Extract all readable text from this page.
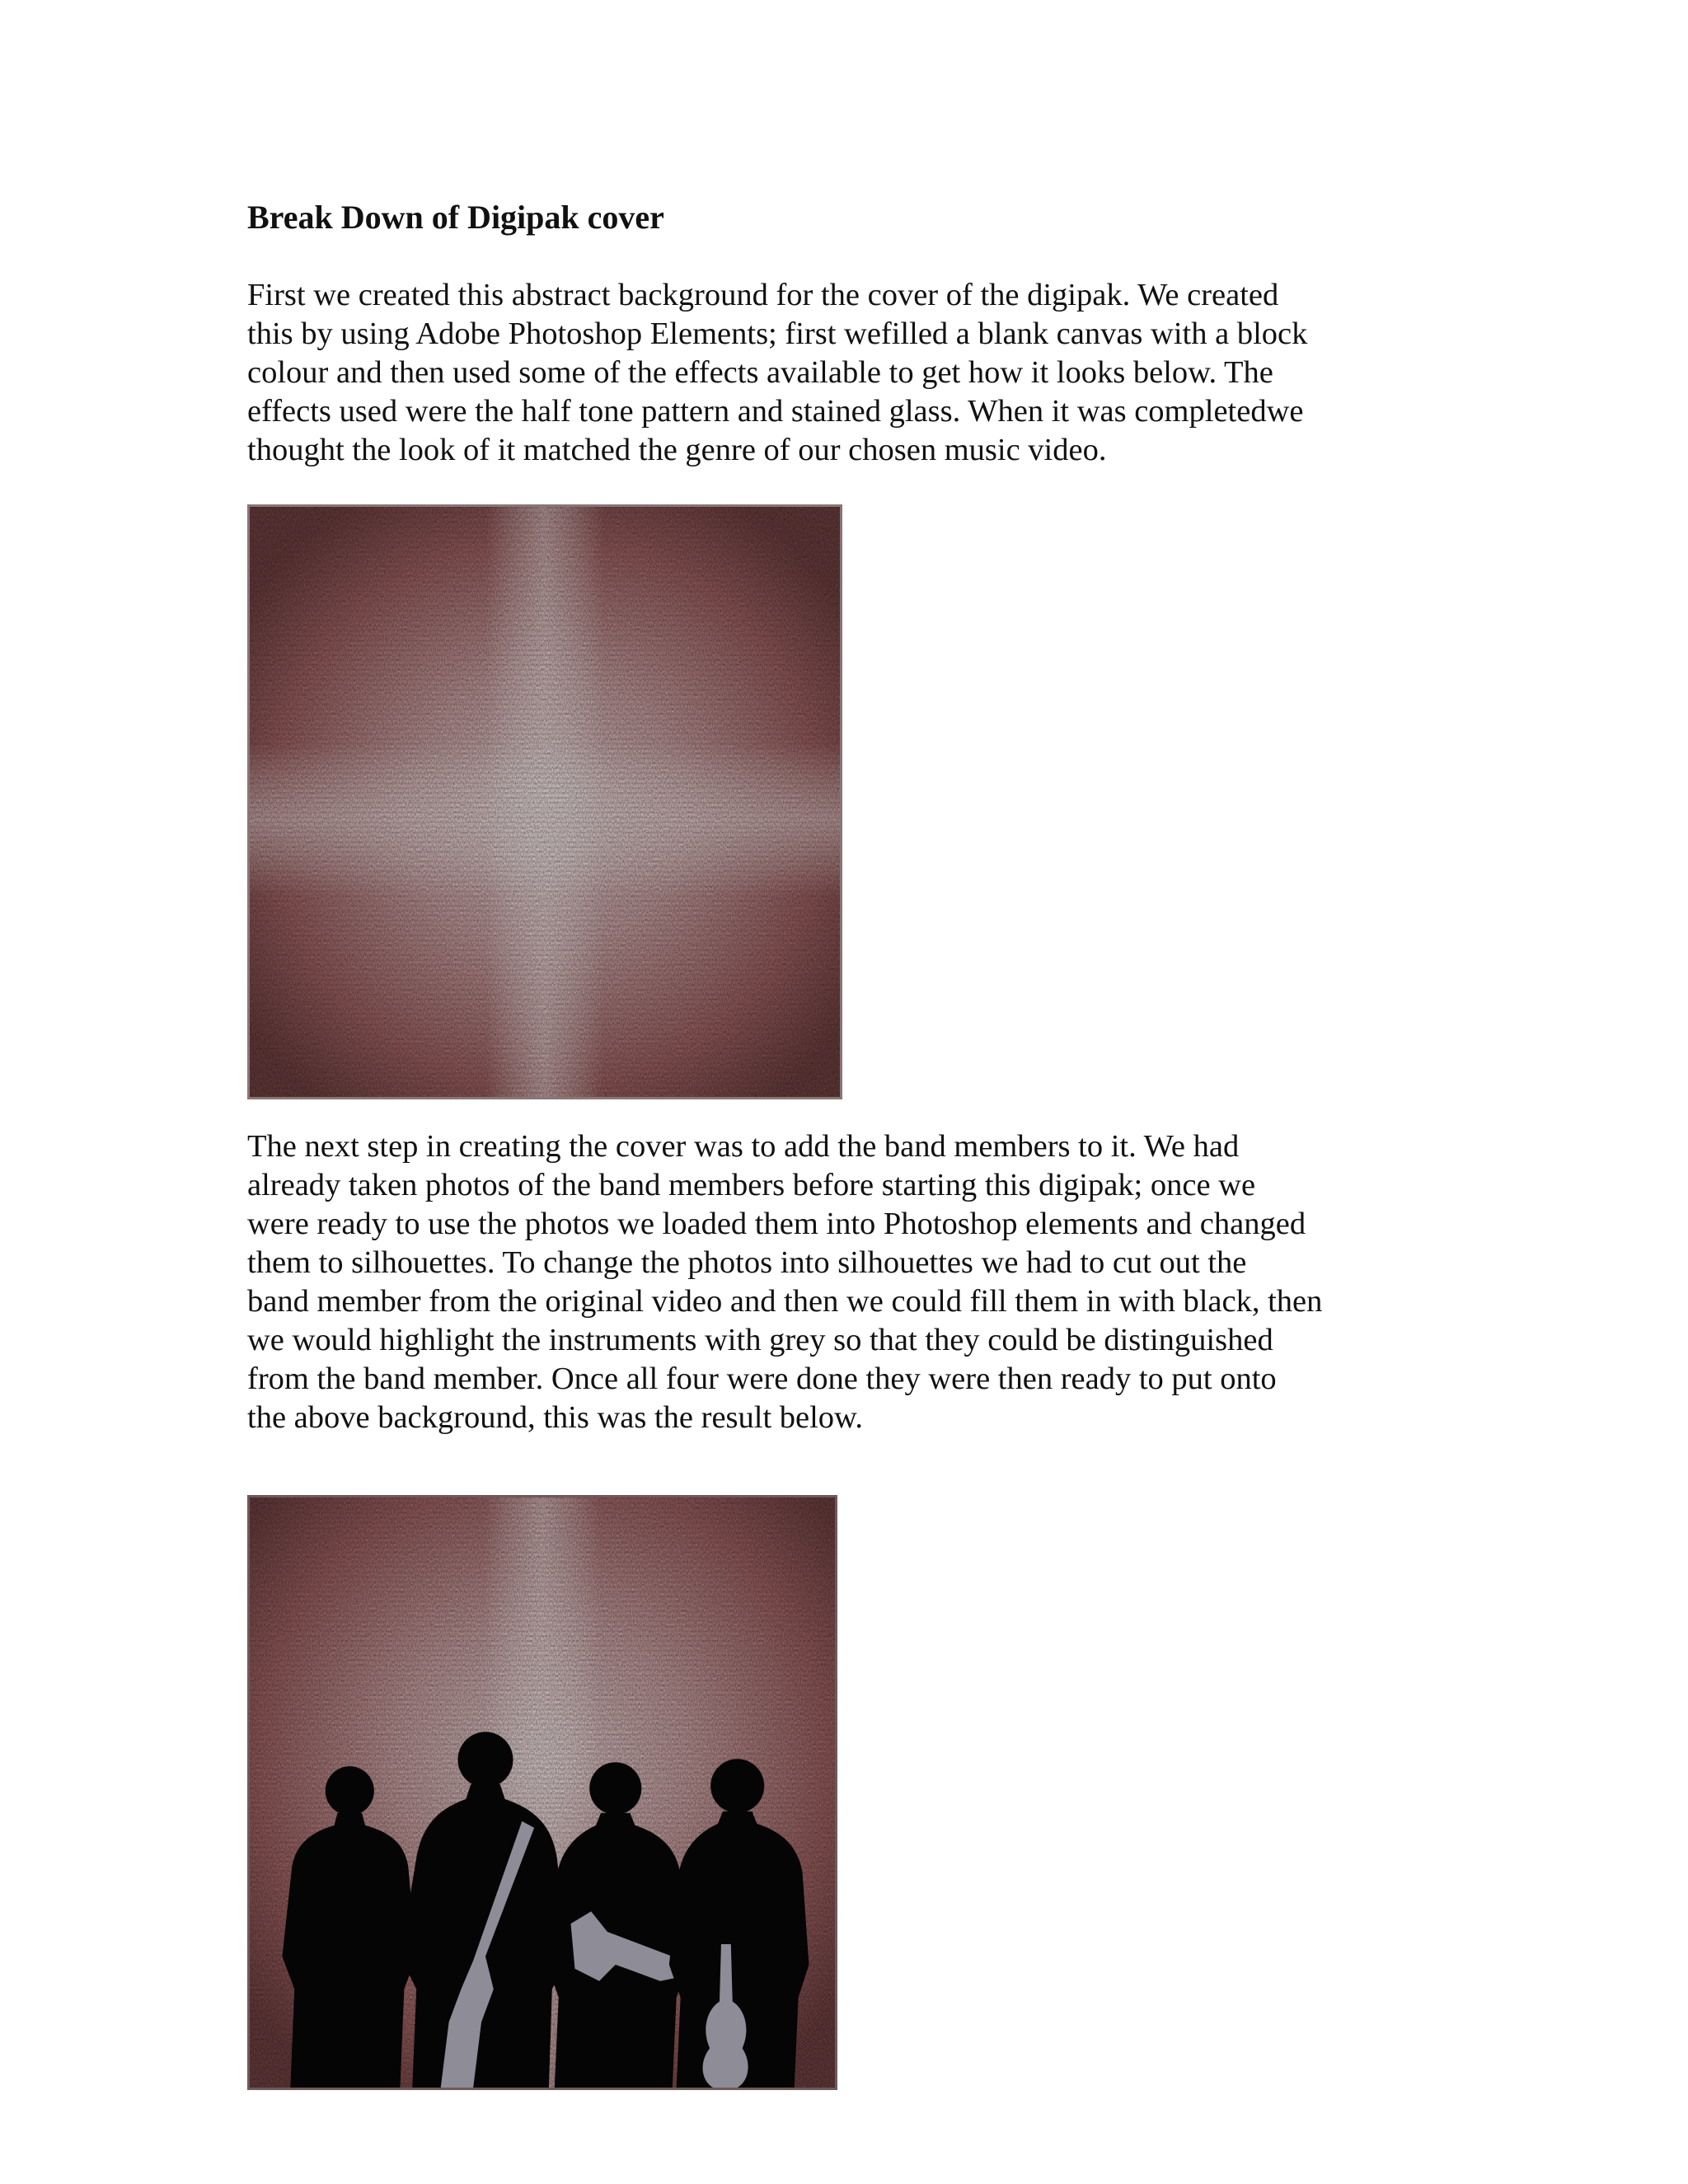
Break Down of Digipak cover

First we created this abstract background for the cover of the digipak. We created
this by using Adobe Photoshop Elements; first wefilled a blank canvas with a block
colour and then used some of the effects available to get how it looks below. The
effects used were the half tone pattern and stained glass. When it was completedwe
thought the look of it matched the genre of our chosen music video.

The next step in creating the cover was to add the band members to it. We had
already taken photos of the band members before starting this digipak; once we
were ready to use the photos we loaded them into Photoshop elements and changed
them to silhouettes. To change the photos into silhouettes we had to cut out the
band member from the original video and then we could fill them in with black, then
we would highlight the instruments with grey so that they could be distinguished
from the band member. Once all four were done they were then ready to put onto
the above background, this was the result below.
